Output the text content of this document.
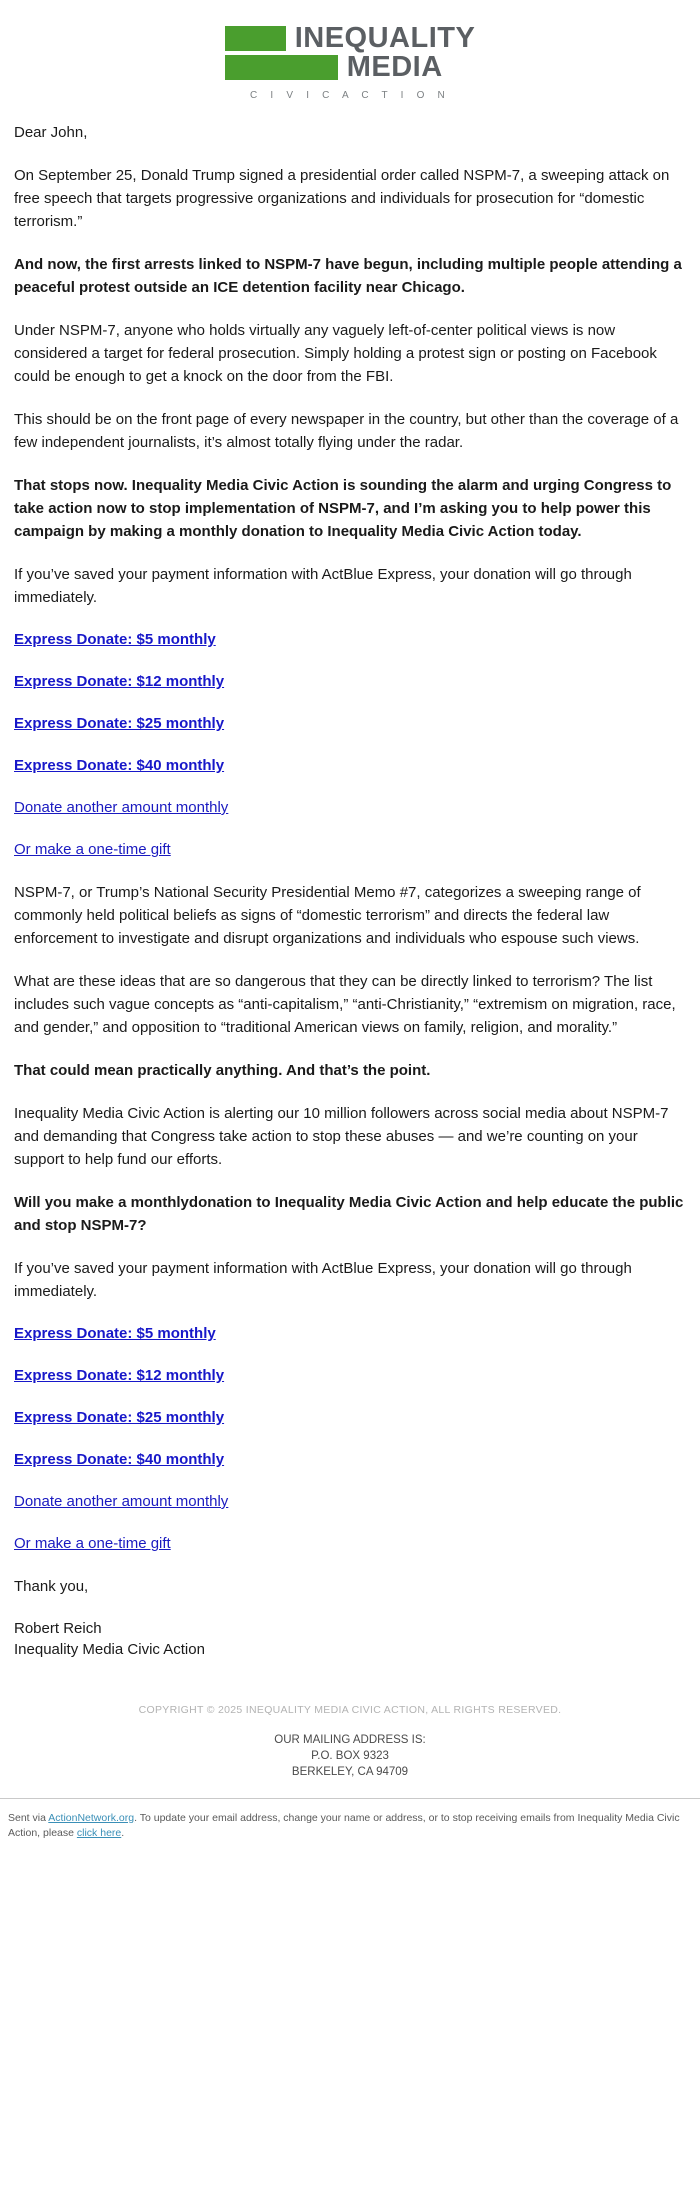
INEQUALITY
MEDIA
C I V I C A C T I O N

Dear John,

On September 25, Donald Trump signed a presidential order called NSPM-7, a sweeping attack on free speech that targets progressive organizations and individuals for prosecution for “domestic terrorism.”

And now, the first arrests linked to NSPM-7 have begun, including multiple people attending a peaceful protest outside an ICE detention facility near Chicago.

Under NSPM-7, anyone who holds virtually any vaguely left-of-center political views is now considered a target for federal prosecution. Simply holding a protest sign or posting on Facebook could be enough to get a knock on the door from the FBI.

This should be on the front page of every newspaper in the country, but other than the coverage of a few independent journalists, it’s almost totally flying under the radar.

That stops now. Inequality Media Civic Action is sounding the alarm and urging Congress to take action now to stop implementation of NSPM-7, and I’m asking you to help power this campaign by making a monthly donation to Inequality Media Civic Action today.

If you’ve saved your payment information with ActBlue Express, your donation will go through immediately.

Express Donate: $5 monthly
Express Donate: $12 monthly
Express Donate: $25 monthly
Express Donate: $40 monthly
Donate another amount monthly
Or make a one-time gift

NSPM-7, or Trump’s National Security Presidential Memo #7, categorizes a sweeping range of commonly held political beliefs as signs of “domestic terrorism” and directs the federal law enforcement to investigate and disrupt organizations and individuals who espouse such views.

What are these ideas that are so dangerous that they can be directly linked to terrorism? The list includes such vague concepts as “anti-capitalism,” “anti-Christianity,” “extremism on migration, race, and gender,” and opposition to “traditional American views on family, religion, and morality.”

That could mean practically anything. And that’s the point.

Inequality Media Civic Action is alerting our 10 million followers across social media about NSPM-7 and demanding that Congress take action to stop these abuses — and we’re counting on your support to help fund our efforts.

Will you make a monthlydonation to Inequality Media Civic Action and help educate the public and stop NSPM-7?

If you’ve saved your payment information with ActBlue Express, your donation will go through immediately.

Express Donate: $5 monthly
Express Donate: $12 monthly
Express Donate: $25 monthly
Express Donate: $40 monthly
Donate another amount monthly
Or make a one-time gift

Thank you,

Robert Reich
Inequality Media Civic Action

COPYRIGHT © 2025 INEQUALITY MEDIA CIVIC ACTION, ALL RIGHTS RESERVED.

OUR MAILING ADDRESS IS:
P.O. BOX 9323
BERKELEY, CA 94709
Sent via ActionNetwork.org. To update your email address, change your name or address, or to stop receiving emails from Inequality Media Civic Action, please click here.
